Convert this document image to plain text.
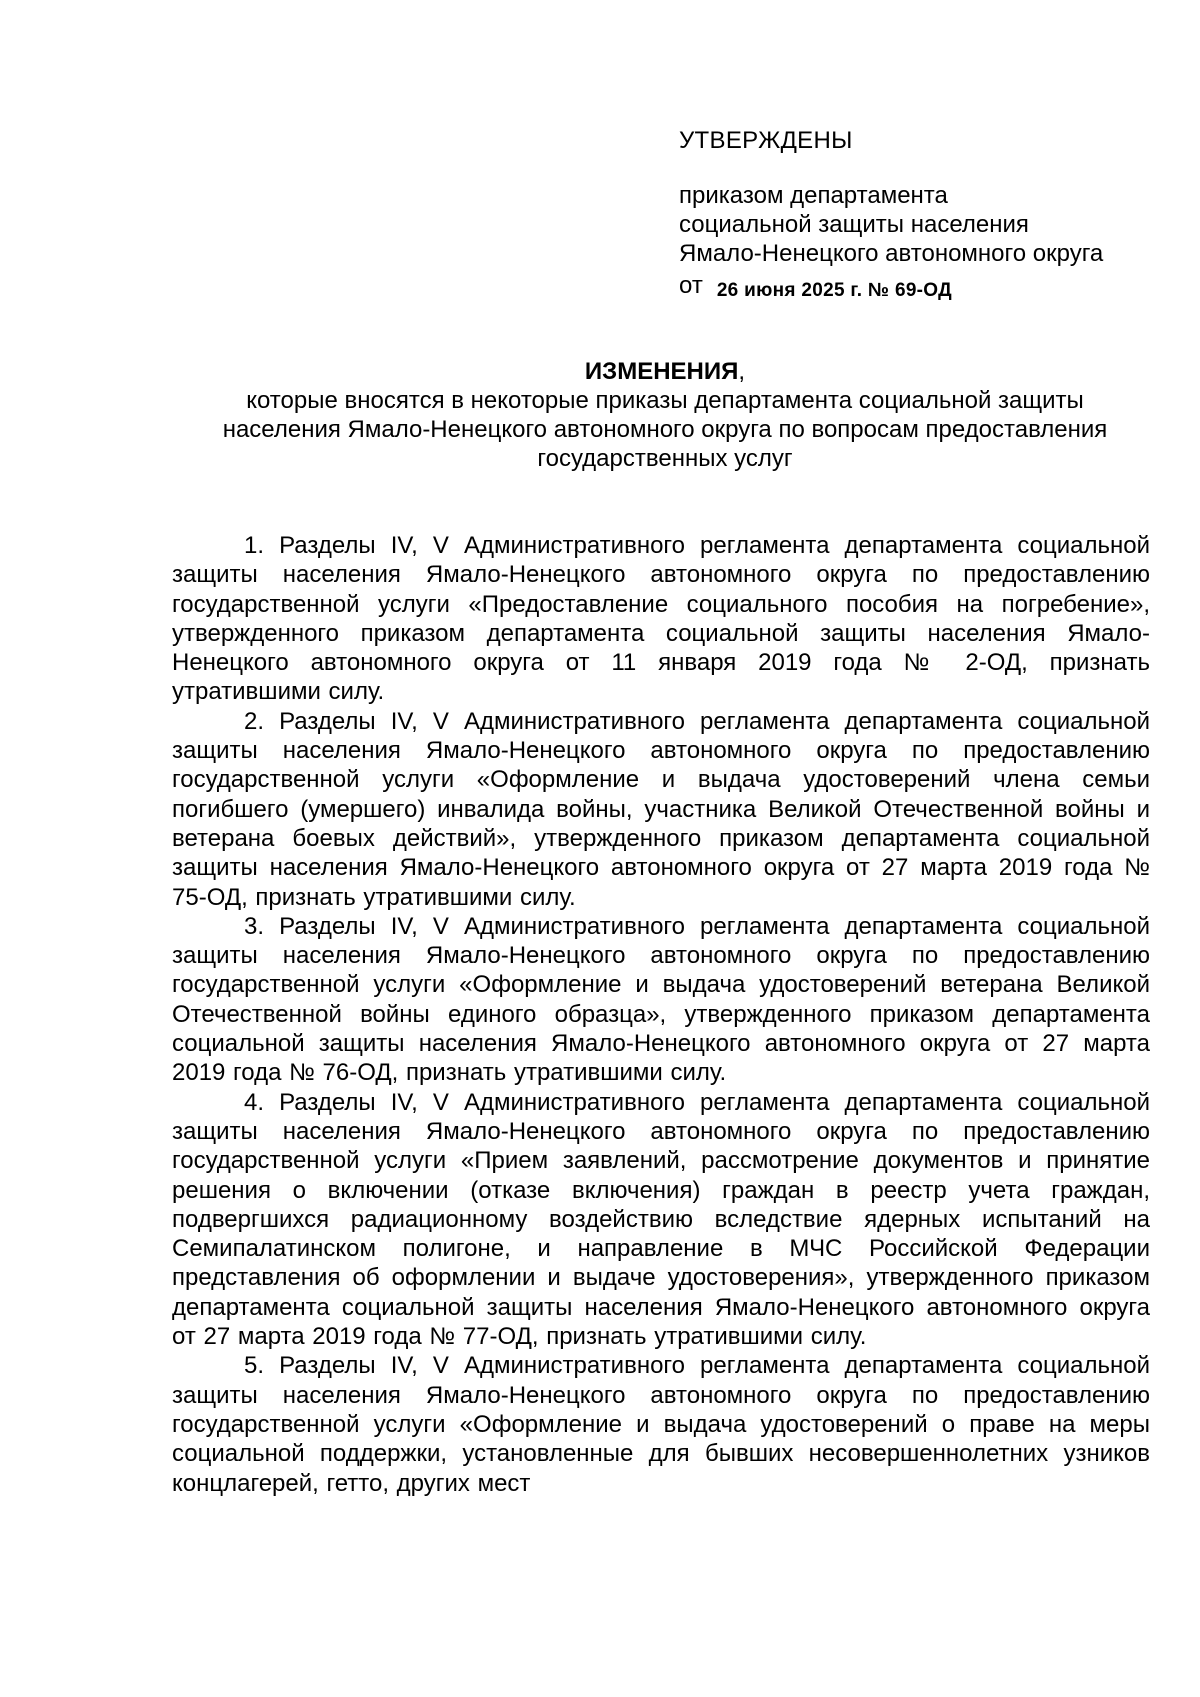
УТВЕРЖДЕНЫ
приказом департамента
социальной защиты населения
Ямало-Ненецкого автономного округа
от 26 июня 2025 г. № 69-ОД
ИЗМЕНЕНИЯ,
которые вносятся в некоторые приказы департамента социальной защиты
населения Ямало-Ненецкого автономного округа по вопросам предоставления
государственных услуг

1. Разделы IV, V Административного регламента департамента социальной защиты населения Ямало-Ненецкого автономного округа по предоставлению государственной услуги «Предоставление социального пособия на погребение», утвержденного приказом департамента социальной защиты населения Ямало-Ненецкого автономного округа от 11 января 2019 года № 2-ОД, признать утратившими силу.

2. Разделы IV, V Административного регламента департамента социальной защиты населения Ямало-Ненецкого автономного округа по предоставлению государственной услуги «Оформление и выдача удостоверений члена семьи погибшего (умершего) инвалида войны, участника Великой Отечественной войны и ветерана боевых действий», утвержденного приказом департамента социальной защиты населения Ямало-Ненецкого автономного округа от 27 марта 2019 года № 75-ОД, признать утратившими силу.

3. Разделы IV, V Административного регламента департамента социальной защиты населения Ямало-Ненецкого автономного округа по предоставлению государственной услуги «Оформление и выдача удостоверений ветерана Великой Отечественной войны единого образца», утвержденного приказом департамента социальной защиты населения Ямало-Ненецкого автономного округа от 27 марта 2019 года № 76-ОД, признать утратившими силу.

4. Разделы IV, V Административного регламента департамента социальной защиты населения Ямало-Ненецкого автономного округа по предоставлению государственной услуги «Прием заявлений, рассмотрение документов и принятие решения о включении (отказе включения) граждан в реестр учета граждан, подвергшихся радиационному воздействию вследствие ядерных испытаний на Семипалатинском полигоне, и направление в МЧС Российской Федерации представления об оформлении и выдаче удостоверения», утвержденного приказом департамента социальной защиты населения Ямало-Ненецкого автономного округа от 27 марта 2019 года № 77-ОД, признать утратившими силу.

5. Разделы IV, V Административного регламента департамента социальной защиты населения Ямало-Ненецкого автономного округа по предоставлению государственной услуги «Оформление и выдача удостоверений о праве на меры социальной поддержки, установленные для бывших несовершеннолетних узников концлагерей, гетто, других мест
